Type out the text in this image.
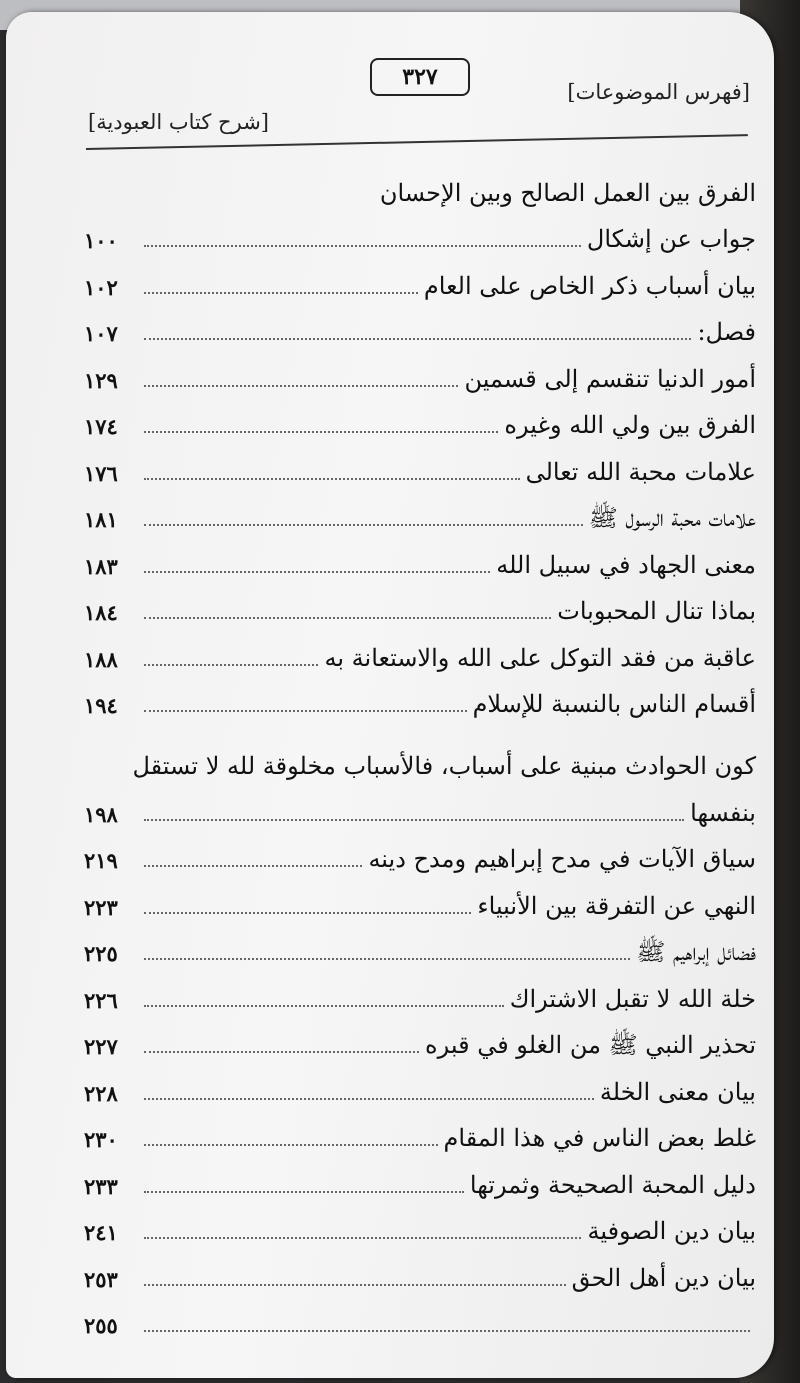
٣٢٧
[فهرس الموضوعات]
[شرح كتاب العبودية]
الفرق بين العمل الصالح وبين الإحسان
جواب عن إشكال
١٠٠
بيان أسباب ذكر الخاص على العام
١٠٢
فصل:
١٠٧
أمور الدنيا تنقسم إلى قسمين
١٢٩
الفرق بين ولي الله وغيره
١٧٤
علامات محبة الله تعالى
١٧٦
علامات محبة الرسول ﷺ
١٨١
معنى الجهاد في سبيل الله
١٨٣
بماذا تنال المحبوبات
١٨٤
عاقبة من فقد التوكل على الله والاستعانة به
١٨٨
أقسام الناس بالنسبة للإسلام
١٩٤
كون الحوادث مبنية على أسباب، فالأسباب مخلوقة لله لا تستقل
بنفسها
١٩٨
سياق الآيات في مدح إبراهيم ومدح دينه
٢١٩
النهي عن التفرقة بين الأنبياء
٢٢٣
فضائل إبراهيم ﷺ
٢٢٥
خلة الله لا تقبل الاشتراك
٢٢٦
تحذير النبي ﷺ من الغلو في قبره
٢٢٧
بيان معنى الخلة
٢٢٨
غلط بعض الناس في هذا المقام
٢٣٠
دليل المحبة الصحيحة وثمرتها
٢٣٣
بيان دين الصوفية
٢٤١
بيان دين أهل الحق
٢٥٣
٢٥٥
